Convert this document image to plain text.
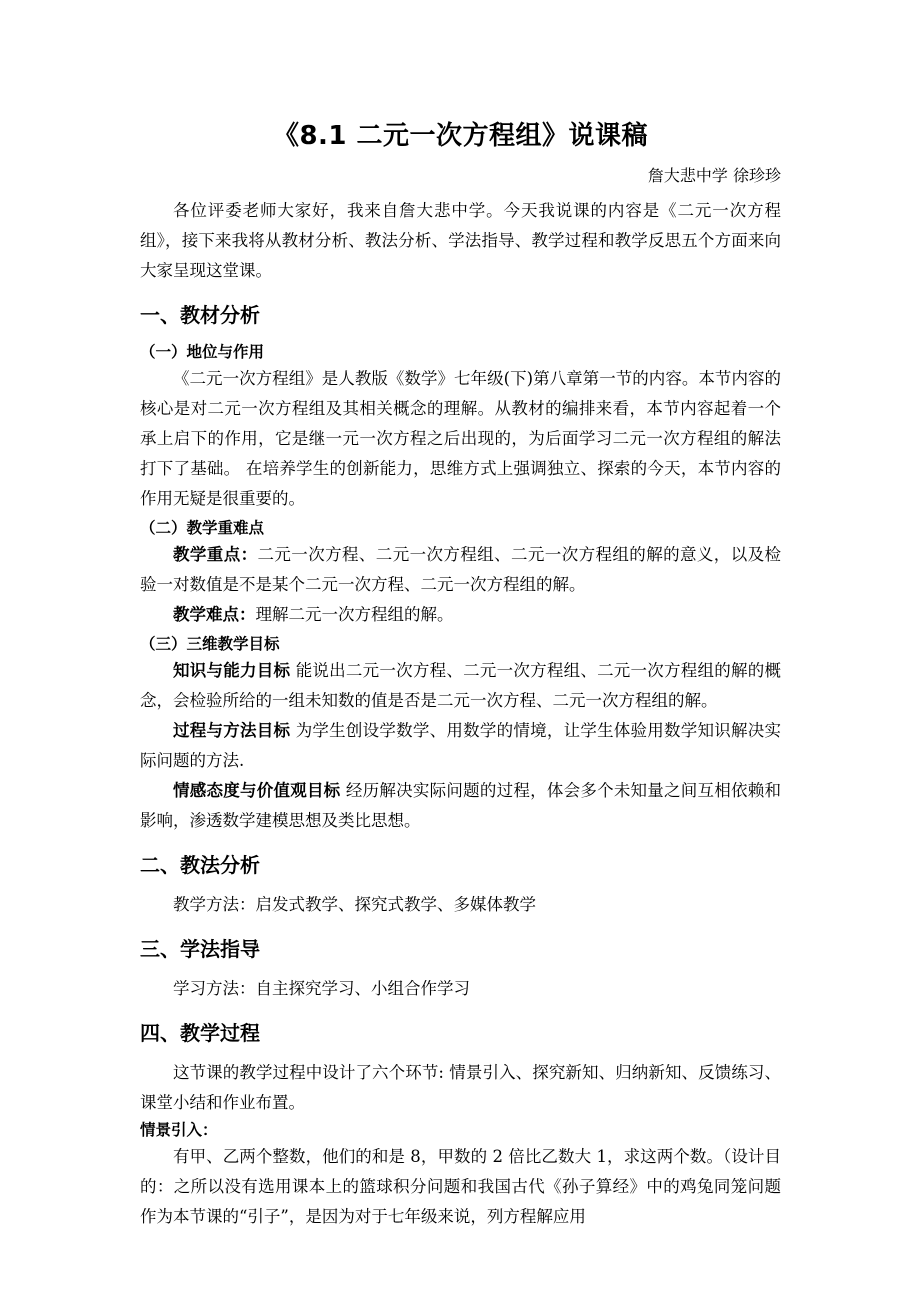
《8.1 二元一次方程组》说课稿
詹大悲中学 徐珍珍

各位评委老师大家好，我来自詹大悲中学。今天我说课的内容是《二元一次方程组》，接下来我将从教材分析、教法分析、学法指导、教学过程和教学反思五个方面来向大家呈现这堂课。

一、教材分析
（一）地位与作用

《二元一次方程组》是人教版《数学》七年级(下)第八章第一节的内容。本节内容的核心是对二元一次方程组及其相关概念的理解。从教材的编排来看，本节内容起着一个承上启下的作用，它是继一元一次方程之后出现的，为后面学习二元一次方程组的解法打下了基础。 在培养学生的创新能力，思维方式上强调独立、探索的今天，本节内容的作用无疑是很重要的。

（二）教学重难点

教学重点：二元一次方程、二元一次方程组、二元一次方程组的解的意义，以及检验一对数值是不是某个二元一次方程、二元一次方程组的解。

教学难点：理解二元一次方程组的解。

（三）三维教学目标

知识与能力目标 能说出二元一次方程、二元一次方程组、二元一次方程组的解的概念，会检验所给的一组未知数的值是否是二元一次方程、二元一次方程组的解。

过程与方法目标 为学生创设学数学、用数学的情境，让学生体验用数学知识解决实际问题的方法.

情感态度与价值观目标 经历解决实际问题的过程，体会多个未知量之间互相依赖和影响，渗透数学建模思想及类比思想。

二、教法分析

教学方法：启发式教学、探究式教学、多媒体教学

三、学法指导

学习方法：自主探究学习、小组合作学习

四、教学过程

这节课的教学过程中设计了六个环节: 情景引入、探究新知、归纳新知、反馈练习、课堂小结和作业布置。

情景引入：

有甲、乙两个整数，他们的和是 8，甲数的 2 倍比乙数大 1，求这两个数。（设计目的：之所以没有选用课本上的篮球积分问题和我国古代《孙子算经》中的鸡兔同笼问题作为本节课的“引子”，是因为对于七年级来说，列方程解应用
